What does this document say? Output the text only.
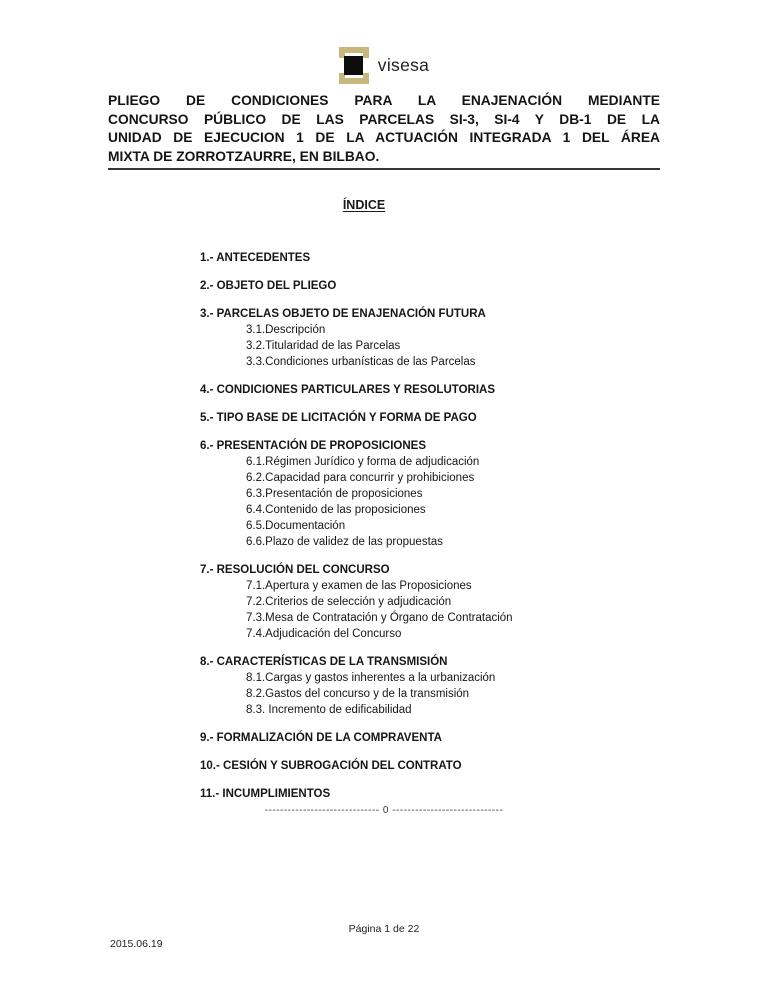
visesa
PLIEGO DE CONDICIONES PARA LA ENAJENACIÓN MEDIANTE
CONCURSO PÚBLICO DE LAS PARCELAS SI-3, SI-4 Y DB-1 DE LA
UNIDAD DE EJECUCION 1 DE LA ACTUACIÓN INTEGRADA 1 DEL ÁREA
MIXTA DE ZORROTZAURRE, EN BILBAO.
ÍNDICE
1.- ANTECEDENTES
2.- OBJETO DEL PLIEGO
3.- PARCELAS OBJETO DE ENAJENACIÓN FUTURA
3.1.Descripción
3.2.Titularidad de las Parcelas
3.3.Condiciones urbanísticas de las Parcelas
4.- CONDICIONES PARTICULARES Y RESOLUTORIAS
5.- TIPO BASE DE LICITACIÓN Y FORMA DE PAGO
6.- PRESENTACIÓN DE PROPOSICIONES
6.1.Régimen Jurídico y forma de adjudicación
6.2.Capacidad para concurrir y prohibiciones
6.3.Presentación de proposiciones
6.4.Contenido de las proposiciones
6.5.Documentación
6.6.Plazo de validez de las propuestas
7.- RESOLUCIÓN DEL CONCURSO
7.1.Apertura y examen de las Proposiciones
7.2.Criterios de selección y adjudicación
7.3.Mesa de Contratación y Órgano de Contratación
7.4.Adjudicación del Concurso
8.- CARACTERÍSTICAS DE LA TRANSMISIÓN
8.1.Cargas y gastos inherentes a la urbanización
8.2.Gastos del concurso y de la transmisión
8.3. Incremento de edificabilidad
9.- FORMALIZACIÓN DE LA COMPRAVENTA
10.- CESIÓN Y SUBROGACIÓN DEL CONTRATO
11.- INCUMPLIMIENTOS
------------------------------ 0 -----------------------------
Página 1 de 22
2015.06.19
